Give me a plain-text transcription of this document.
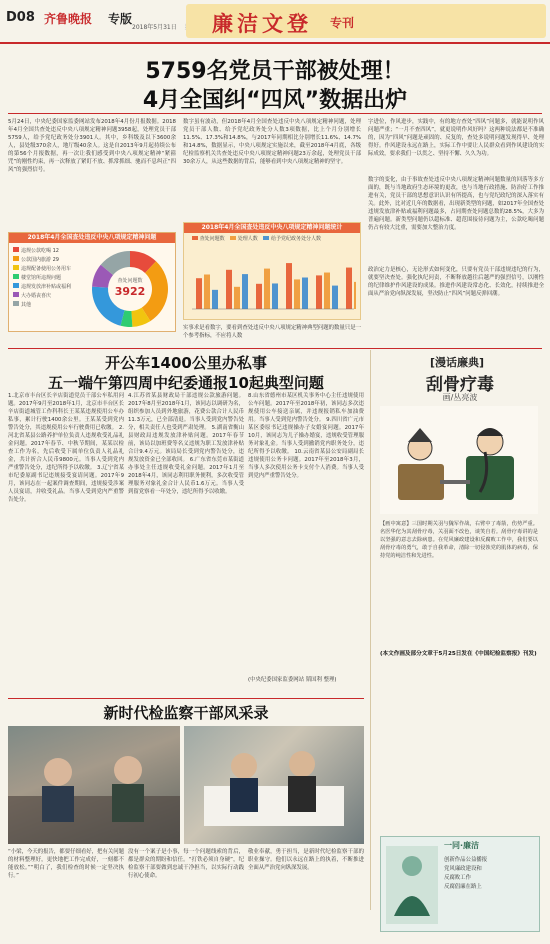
D08 齐鲁晚报 专版
2018年5月31日	廉洁文登 专刊
5759名党员干部被处理！
4月全国纠“四风”数据出炉
5月24日，中央纪委国家监委网站发布2018年4月份月报数据。2018年4月全国共查处违反中央八项规定精神问题3958起，处理党员干部5759人，给予党纪政务处分3901人。其中，乡科级及以下3600余人，县处级370余人，地厅级40余人。这是自2013年9月起持续公布的第56个月报数据，再一次让我们感受到中央八项规定精神“紧箍咒”的刚性约束，再一次释放了紧盯不放、抓常抓细、驰而不息纠正“四风”的强烈信号。
2018年4月全国查处违反中央八项规定精神问题
违规公款吃喝 12
公款国内旅游 29
违规配备使用公务用车
楼堂馆所违规问题
违规发放津补贴或福利
大办婚丧喜庆
其他
查处问题数
3922
数字虽有波动，但2018年4月全国查处违反中央八项规定精神问题，处理党员干部人数、给予党纪政务处分人数3项数据，比上个月分别增长11.5%、17.3%和14.8%，与2017年同期相比分别增长11.6%、14.7%和14.8%，数据显示，中央八项规定实施以来，截至2018年4月底，各级纪检监察机关共查处违反中央八项规定精神问题23万余起，处理党员干部30余万人，从这些数据的背后，能够看到中央八项规定精神的坚守。
2018年4月全国查处违反中央八项规定精神问题统计
查处问题数	处理人数	给予党纪政务处分人数
实事求是看数字，要看到查处违反中央八项规定精神典型问题的数量只是一个参考指标，不应将人数
字进位，作风进步，实践中，有的地方查处“四风”问题多，就能说明作风问题严重；“一月不查四风”，就更说明作风好吗？这两种说法都是不准确的，因为“四风”问题是顽固的、反复的，查处多说明问题发现得早、处理得好。作风建设永远在路上，实际工作中要让人民群众看到作风建设的实际成效，要求我们一以贯之、坚持不懈、久久为功。
数字的变化，由于事故查处违反中央八项规定精神问题数量的回落等多方面的，既与当地政府生态环境的更改，也与当地行政措施、防治好工作推进有关，党员干部的思想意识认识有所提高，也与党纪政纪的深入落实有关。此外，比对近几年的数据看，出现新类型的问题，如2017年全国查处违规发放津补贴或福利问题最多，占同期查处问题总数的28.5%，大多为普遍问题。新类型问题仍以超标准、超范围接待问题为主，公款吃喝问题仍占有较大比重，需要加大整治力度。
政治定力是核心，无论形式如何变化，只要有党员干部违规违纪的行为，就要坚决查处。强化执纪问责，不断释放越往后越严的强烈信号，以刚性的纪律维护作风建设的成果。推进作风建设常态化、长效化，持续推进全面从严治党向纵深发展，坚决防止“四风”问题反弹回潮。
开公车1400公里办私事
五一端午第四周中纪委通报10起典型问题
1.北京市丰台区长辛店街道党员干部公车私用问题。2017年9月至2018年1月，北京市丰台区长辛店街道城管工作科科长王某某违规使用公车办私事，累计行驶1400余公里。王某某受到党内警告处分，其违规使用公车行驶费用已收缴。 2.河北省某县公路养护单位负责人违规收受礼品礼金问题。2017年春节、中秋节期间，某某以检查工作为名，先后收受下属单位负责人礼品礼金，共计折合人民币9800元。当事人受到党内严重警告处分，违纪所得予以收缴。 3.辽宁省某市纪委原副书记违规接受宴请问题。2017年9月，该同志在一起案件调查期间，违规接受涉案人员宴请，并收受礼品。当事人受到党内严重警告处分。
4.江苏省某县财政局干部违规公款旅游问题。2017年8月至2018年1月，该同志以调研为名，组织参加人员到外地旅游，花费公款合计人民币11.3万元，已全部清退。当事人受到党内警告处分，相关责任人也受到严肃处理。 5.湖南省衡山县财政局违规发放津补贴问题。2017年春节前，该局以加班费等名义违规为职工发放津补贴合计9.4万元。该局局长受到党内警告处分，违规发放资金已全部收回。 6.广东省东莞市某街道办事处主任违规收受礼金问题。2017年1月至2018年4月，该同志利用职务便利，多次收受管理服务对象礼金合计人民币1.6万元。当事人受到留党察看一年处分，违纪所得予以收缴。
8.山东省德州市某区机关事务中心主任违规使用公车问题。2017年至2018年初，该同志多次违规使用公车接送亲属，并违规报销私车加油费用。当事人受到党内警告处分。 9.四川省广元市某区委原书记违规操办子女婚宴问题。2017年10月，该同志为儿子操办婚宴，违规收受管理服务对象礼金。当事人受到撤销党内职务处分，违纪所得予以收缴。 10.云南省某县公安局副局长违规使用公务卡问题。2017年至2018年3月，当事人多次使用公务卡支付个人消费。当事人受到党内严重警告处分。
(中央纪委国家监委网站 韬国利 整理)
[漫话廉典]
刮骨疗毒
画/丛亮波
【画中寓意】三国时期关羽与魏军作战，右臂中了毒箭，伤势严重。名医华佗为其刮骨疗毒，关羽面不改色，谈笑自若。刮骨疗毒讲的是以坚强的意志去除病患。在党风廉政建设和反腐败工作中，我们要以刮骨疗毒的勇气，敢于自我革命，清除一切侵蚀党的肌体的病毒，保持党的纯洁性和先进性。
(本文作画及部分文章于5月25日发在《中国纪检监察报》刊发)
一同·廉洁
创新作品公益播报
党风廉政建设和
反腐败工作
反腐倡廉在路上
新时代检监察干部风采录
“小梁，今天的报告，都要仔细看好，把有关问题的材料整理好，更快地把工作完成好，一刻都不能放松。”“明白了，我们检查的时候一定坚决执行。”
没有一个案子是小事，每一个问题线索的背后，都是群众的期盼和信任。“打铁必须自身硬”，纪检监察干部要做到忠诚干净担当，以实际行动践行初心使命。
敬业奉献，勇于担当，是新时代纪检监察干部的职业操守。他们以永远在路上的执着，不断推进全面从严治党向纵深发展。
